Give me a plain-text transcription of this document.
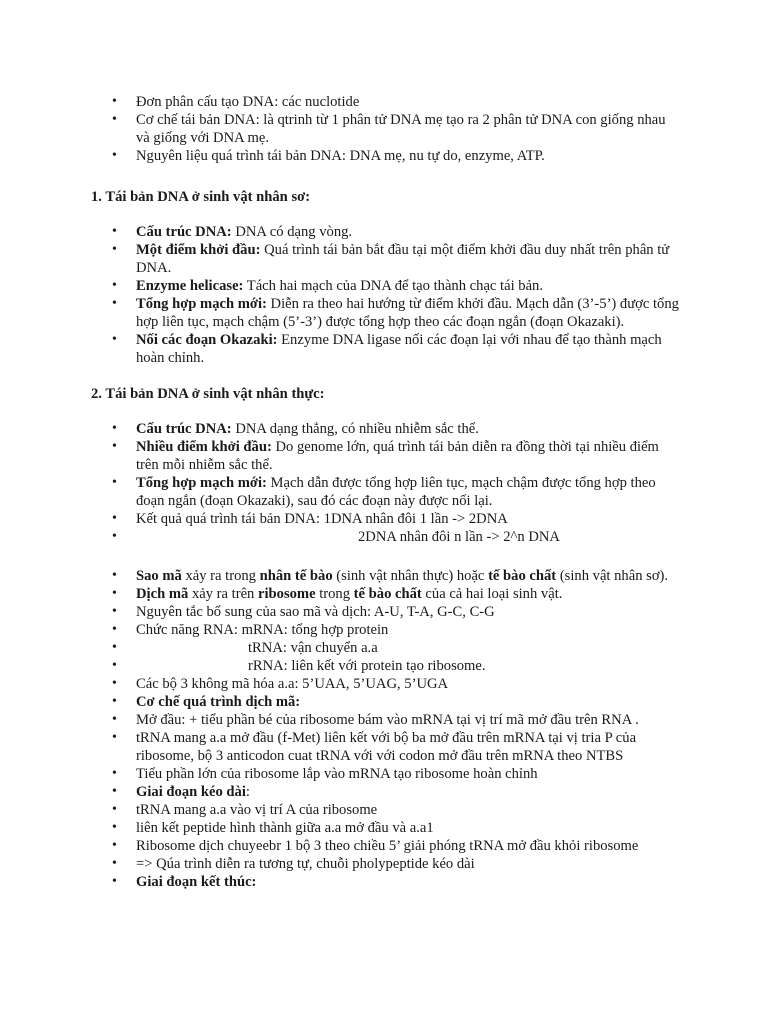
• Đơn phân cấu tạo DNA: các nuclotide
• Cơ chế tái bản DNA: là qtrinh từ 1 phân tử DNA mẹ tạo ra 2 phân tử DNA con giống nhau và giống với DNA mẹ.
• Nguyên liệu quá trình tái bản DNA: DNA mẹ, nu tự do, enzyme, ATP.
1. Tái bản DNA ở sinh vật nhân sơ:
• Cấu trúc DNA: DNA có dạng vòng.
• Một điểm khởi đầu: Quá trình tái bản bắt đầu tại một điểm khởi đầu duy nhất trên phân tử DNA.
• Enzyme helicase: Tách hai mạch của DNA để tạo thành chạc tái bản.
• Tổng hợp mạch mới: Diễn ra theo hai hướng từ điểm khởi đầu. Mạch dẫn (3’-5’) được tổng hợp liên tục, mạch chậm (5’-3’) được tổng hợp theo các đoạn ngắn (đoạn Okazaki).
• Nối các đoạn Okazaki: Enzyme DNA ligase nối các đoạn lại với nhau để tạo thành mạch hoàn chỉnh.
2. Tái bản DNA ở sinh vật nhân thực:
• Cấu trúc DNA: DNA dạng thẳng, có nhiều nhiễm sắc thể.
• Nhiều điểm khởi đầu: Do genome lớn, quá trình tái bản diễn ra đồng thời tại nhiều điểm trên mỗi nhiễm sắc thể.
• Tổng hợp mạch mới: Mạch dẫn được tổng hợp liên tục, mạch chậm được tổng hợp theo đoạn ngắn (đoạn Okazaki), sau đó các đoạn này được nối lại.
• Kết quả quá trình tái bản DNA: 1DNA nhân đôi 1 lần -> 2DNA
• 2DNA nhân đôi n lần -> 2^n DNA
• Sao mã xảy ra trong nhân tế bào (sinh vật nhân thực) hoặc tế bào chất (sinh vật nhân sơ).
• Dịch mã xảy ra trên ribosome trong tế bào chất của cả hai loại sinh vật.
• Nguyên tắc bổ sung của sao mã và dịch: A-U, T-A, G-C, C-G
• Chức năng RNA: mRNA: tổng hợp protein
• tRNA: vận chuyển a.a
• rRNA: liên kết với protein tạo ribosome.
• Các bộ 3 không mã hóa a.a: 5’UAA, 5’UAG, 5’UGA
• Cơ chế quá trình dịch mã:
• Mở đầu: + tiểu phần bé của ribosome bám vào mRNA tại vị trí mã mở đầu trên RNA .
• tRNA mang a.a mở đầu (f-Met) liên kết với bộ ba mở đầu trên mRNA tại vị tria P của ribosome, bộ 3 anticodon cuat tRNA với với codon mở đầu trên mRNA theo NTBS
• Tiểu phần lớn của ribosome lắp vào mRNA tạo ribosome hoàn chỉnh
• Giai đoạn kéo dài:
• tRNA mang a.a vào vị trí A của ribosome
• liên kết peptide hình thành giữa a.a mở đầu và a.a1
• Ribosome dịch chuyeebr 1 bộ 3 theo chiều 5’ giải phóng tRNA mở đầu khỏi ribosome
• => Qúa trình diễn ra tương tự, chuỗi pholypeptide kéo dài
• Giai đoạn kết thúc:
